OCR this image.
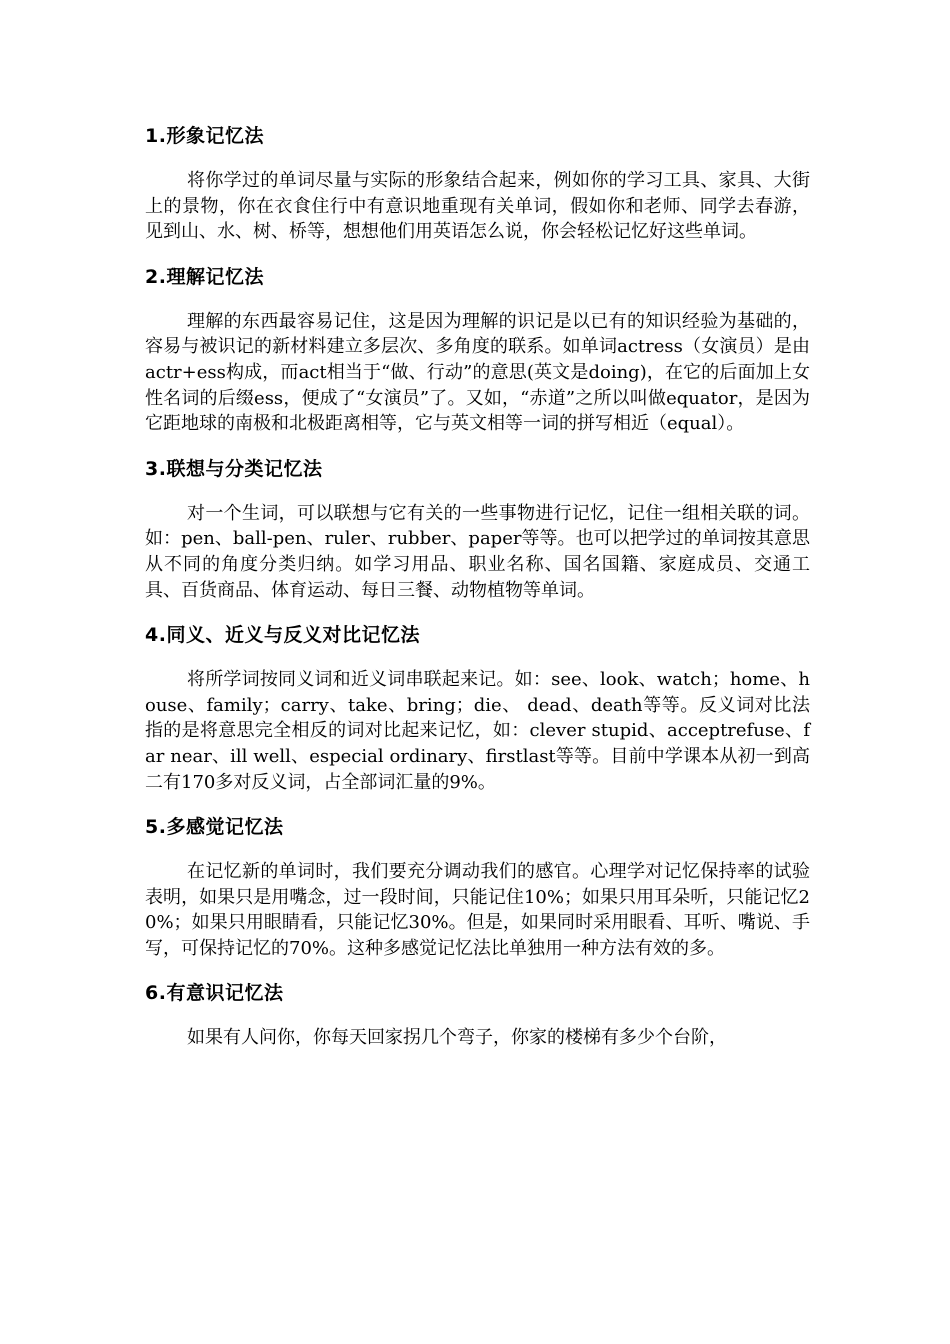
1.形象记忆法

将你学过的单词尽量与实际的形象结合起来，例如你的学习工具、家具、大街上的景物，你在衣食住行中有意识地重现有关单词，假如你和老师、同学去春游，见到山、水、树、桥等，想想他们用英语怎么说，你会轻松记忆好这些单词。

2.理解记忆法

理解的东西最容易记住，这是因为理解的识记是以已有的知识经验为基础的，容易与被识记的新材料建立多层次、多角度的联系。如单词actress（女演员）是由actr+ess构成，而act相当于“做、行动”的意思(英文是doing)，在它的后面加上女性名词的后缀ess，便成了“女演员”了。又如，“赤道”之所以叫做equator，是因为它距地球的南极和北极距离相等，它与英文相等一词的拼写相近（equal）。

3.联想与分类记忆法

对一个生词，可以联想与它有关的一些事物进行记忆，记住一组相关联的词。如：pen、ball-pen、ruler、rubber、paper等等。也可以把学过的单词按其意思从不同的角度分类归纳。如学习用品、职业名称、国名国籍、家庭成员、交通工具、百货商品、体育运动、每日三餐、动物植物等单词。

4.同义、近义与反义对比记忆法

将所学词按同义词和近义词串联起来记。如：see、look、watch；home、house、family；carry、take、bring；die、 dead、death等等。反义词对比法指的是将意思完全相反的词对比起来记忆，如：clever stupid、acceptrefuse、far near、ill well、especial ordinary、firstlast等等。目前中学课本从初一到高二有170多对反义词，占全部词汇量的9%。

5.多感觉记忆法

在记忆新的单词时，我们要充分调动我们的感官。心理学对记忆保持率的试验表明，如果只是用嘴念，过一段时间，只能记住10%；如果只用耳朵听，只能记忆20%；如果只用眼睛看，只能记忆30%。但是，如果同时采用眼看、耳听、嘴说、手写，可保持记忆的70%。这种多感觉记忆法比单独用一种方法有效的多。

6.有意识记忆法

如果有人问你，你每天回家拐几个弯子，你家的楼梯有多少个台阶，
